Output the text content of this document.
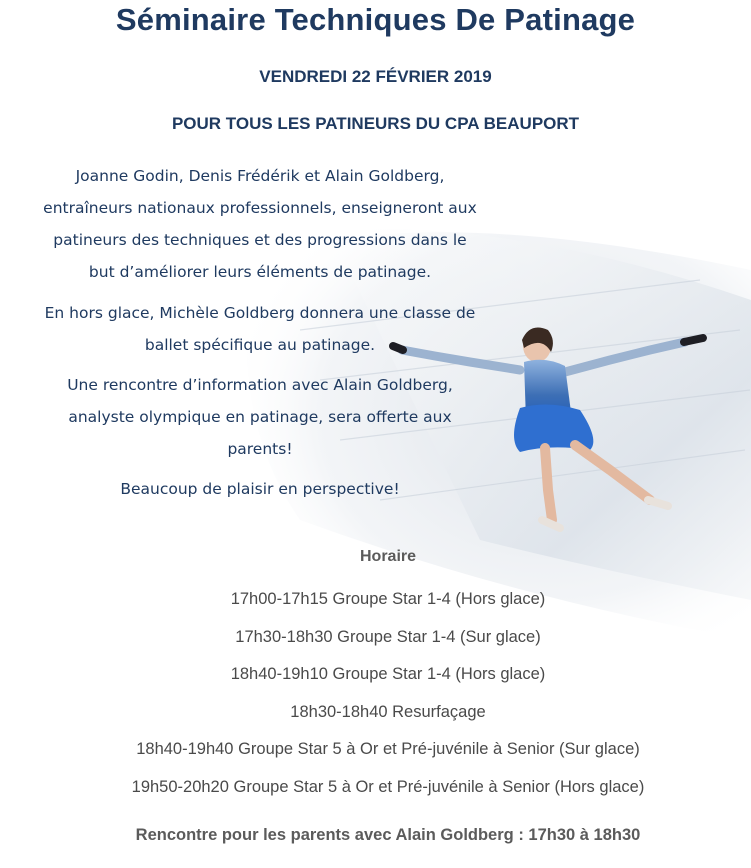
Séminaire Techniques De Patinage
VENDREDI 22 FÉVRIER 2019
POUR TOUS LES PATINEURS DU CPA BEAUPORT

Joanne Godin, Denis Frédérik et Alain Goldberg,
entraîneurs nationaux professionnels, enseigneront aux
patineurs des techniques et des progressions dans le
but d’améliorer leurs éléments de patinage.

En hors glace, Michèle Goldberg donnera une classe de
ballet spécifique au patinage.

Une rencontre d’information avec Alain Goldberg,
analyste olympique en patinage, sera offerte aux
parents!

Beaucoup de plaisir en perspective!

Horaire
17h00-17h15 Groupe Star 1-4 (Hors glace)
17h30-18h30 Groupe Star 1-4 (Sur glace)
18h40-19h10 Groupe Star 1-4 (Hors glace)
18h30-18h40 Resurfaçage
18h40-19h40 Groupe Star 5 à Or et Pré-juvénile à Senior (Sur glace)
19h50-20h20 Groupe Star 5 à Or et Pré-juvénile à Senior (Hors glace)
Rencontre pour les parents avec Alain Goldberg : 17h30 à 18h30
